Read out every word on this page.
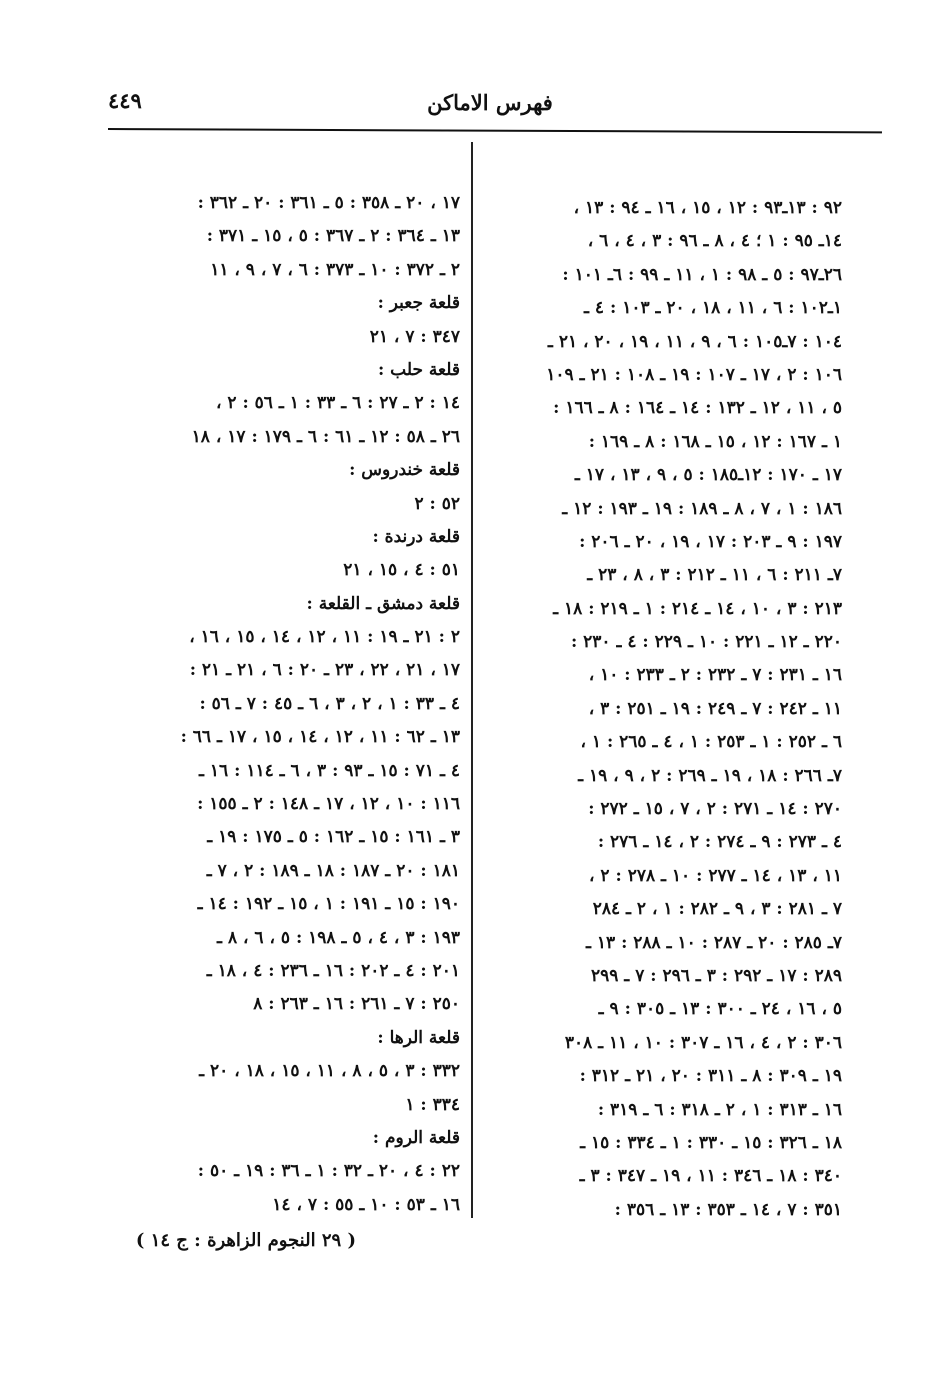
فهرس الاماكن
٤٤٩
٩٢ : ١٣ـ٩٣ : ١٢ ، ١٥ ، ١٦ ـ ٩٤ : ١٣ ،
١٤ـ ٩٥ : ١ ؛ ٤ ، ٨ ـ ٩٦ : ٣ ، ٤ ، ٦ ،
٢٦ـ٩٧ : ٥ ـ ٩٨ : ١ ، ١١ ـ ٩٩ : ٦ـ ١٠١ :
١ـ١٠٢ : ٦ ، ١١ ، ١٨ ، ٢٠ ـ ١٠٣ : ٤ ـ
١٠٤ : ٧ـ١٠٥ : ٦ ، ٩ ، ١١ ، ١٩ ، ٢٠ ، ٢١ ـ
١٠٦ : ٢ ، ١٧ ـ ١٠٧ : ١٩ ـ ١٠٨ : ٢١ ـ ١٠٩
٥ ، ١١ ، ١٢ ـ ١٣٢ : ١٤ ـ ١٦٤ : ٨ ـ ١٦٦ :
١ ـ ١٦٧ : ١٢ ، ١٥ ـ ١٦٨ : ٨ ـ ١٦٩ :
١٧ ـ ١٧٠ : ١٢ـ١٨٥ : ٥ ، ٩ ، ١٣ ، ١٧ ـ
١٨٦ : ١ ، ٧ ، ٨ ـ ١٨٩ : ١٩ ـ ١٩٣ : ١٢ ـ
١٩٧ : ٩ ـ ٢٠٣ : ١٧ ، ١٩ ، ٢٠ ـ ٢٠٦ :
٧ـ ٢١١ : ٦ ، ١١ ـ ٢١٢ : ٣ ، ٨ ، ٢٣ ـ
٢١٣ : ٣ ، ١٠ ، ١٤ ـ ٢١٤ : ١ ـ ٢١٩ : ١٨ ـ
٢٢٠ ـ ١٢ ـ ٢٢١ : ١٠ ـ ٢٢٩ : ٤ ـ ٢٣٠ :
١٦ ـ ٢٣١ : ٧ ـ ٢٣٢ : ٢ ـ ٢٣٣ : ١٠ ،
١١ ـ ٢٤٢ : ٧ ـ ٢٤٩ : ١٩ ـ ٢٥١ : ٣ ،
٦ ـ ٢٥٢ : ١ ـ ٢٥٣ : ١ ، ٤ ـ ٢٦٥ : ١ ،
٧ـ ٢٦٦ : ١٨ ، ١٩ ـ ٢٦٩ : ٢ ، ٩ ، ١٩ ـ
٢٧٠ : ١٤ ـ ٢٧١ : ٢ ، ٧ ، ١٥ ـ ٢٧٢ :
٤ ـ ٢٧٣ : ٩ ـ ٢٧٤ : ٢ ، ١٤ ـ ٢٧٦ :
١١ ، ١٣ ، ١٤ ـ ٢٧٧ : ١٠ ـ ٢٧٨ : ٢ ،
٧ ـ ٢٨١ : ٣ ، ٩ ـ ٢٨٢ : ١ ، ٢ ـ ٢٨٤
٧ـ ٢٨٥ : ٢٠ ـ ٢٨٧ : ١٠ ـ ٢٨٨ : ١٣ ـ
٢٨٩ : ١٧ ـ ٢٩٢ : ٣ ـ ٢٩٦ : ٧ ـ ٢٩٩
٥ ، ١٦ ، ٢٤ ـ ٣٠٠ : ١٣ ـ ٣٠٥ : ٩ ـ
٣٠٦ : ٢ ، ٤ ، ١٦ ـ ٣٠٧ : ١٠ ، ١١ ـ ٣٠٨
١٩ ـ ٣٠٩ : ٨ ـ ٣١١ : ٢٠ ، ٢١ ـ ٣١٢ :
١٦ ـ ٣١٣ : ١ ، ٢ ـ ٣١٨ : ٦ ـ ٣١٩ :
١٨ ـ ٣٢٦ : ١٥ ـ ٣٣٠ : ١ ـ ٣٣٤ : ١٥ ـ
٣٤٠ : ١٨ ـ ٣٤٦ : ١١ ، ١٩ ـ ٣٤٧ : ٣ ـ
٣٥١ : ٧ ، ١٤ ـ ٣٥٣ : ١٣ ـ ٣٥٦ :
١٧ ، ٢٠ ـ ٣٥٨ : ٥ ـ ٣٦١ : ٢٠ ـ ٣٦٢ :
١٣ ـ ٣٦٤ : ٢ ـ ٣٦٧ : ٥ ، ١٥ ـ ٣٧١ :
٢ ـ ٣٧٢ : ١٠ ـ ٣٧٣ : ٦ ، ٧ ، ٩ ، ١١
قلعة جعبر :
٣٤٧ : ٧ ، ٢١
قلعة حلب :
١٤ : ٢ ـ ٢٧ : ٦ ـ ٣٣ : ١ ـ ٥٦ : ٢ ،
٢٦ ـ ٥٨ : ١٢ ـ ٦١ : ٦ ـ ١٧٩ : ١٧ ، ١٨
قلعة خندروس :
٥٢ : ٢
قلعة درندة :
٥١ : ٤ ، ١٥ ، ٢١
قلعة دمشق ـ القلعة :
٢ : ٢١ ـ ١٩ : ١١ ، ١٢ ، ١٤ ، ١٥ ، ١٦ ،
١٧ ، ٢١ ، ٢٢ ، ٢٣ ـ ٢٠ : ٦ ، ٢١ ـ ٢١ :
٤ ـ ٣٣ : ١ ، ٢ ، ٣ ، ٦ ـ ٤٥ : ٧ ـ ٥٦ :
١٣ ـ ٦٢ : ١١ ، ١٢ ، ١٤ ، ١٥ ، ١٧ ـ ٦٦ :
٤ ـ ٧١ : ١٥ ـ ٩٣ : ٣ ، ٦ ـ ١١٤ : ١٦ ـ
١١٦ : ١٠ ، ١٢ ، ١٧ ـ ١٤٨ : ٢ ـ ١٥٥ :
٣ ـ ١٦١ : ١٥ ـ ١٦٢ : ٥ ـ ١٧٥ : ١٩ ـ
١٨١ : ٢٠ ـ ١٨٧ : ١٨ ـ ١٨٩ : ٢ ، ٧ ـ
١٩٠ : ١٥ ـ ١٩١ : ١ ، ١٥ ـ ١٩٢ : ١٤ ـ
١٩٣ : ٣ ، ٤ ، ٥ ـ ١٩٨ : ٥ ، ٦ ، ٨ ـ
٢٠١ : ٤ ـ ٢٠٢ : ١٦ ـ ٢٣٦ : ٤ ، ١٨ ـ
٢٥٠ : ٧ ـ ٢٦١ : ١٦ ـ ٢٦٣ : ٨
قلعة الرها :
٣٣٢ : ٣ ، ٥ ، ٨ ، ١١ ، ١٥ ، ١٨ ، ٢٠ ـ
٣٣٤ : ١
قلعة الروم :
٢٢ : ٤ ، ٢٠ ـ ٣٢ : ١ ـ ٣٦ : ١٩ ـ ٥٠ :
١٦ ـ ٥٣ : ١٠ ـ ٥٥ : ٧ ، ١٤
( ٢٩ النجوم الزاهرة : ج ١٤ )
